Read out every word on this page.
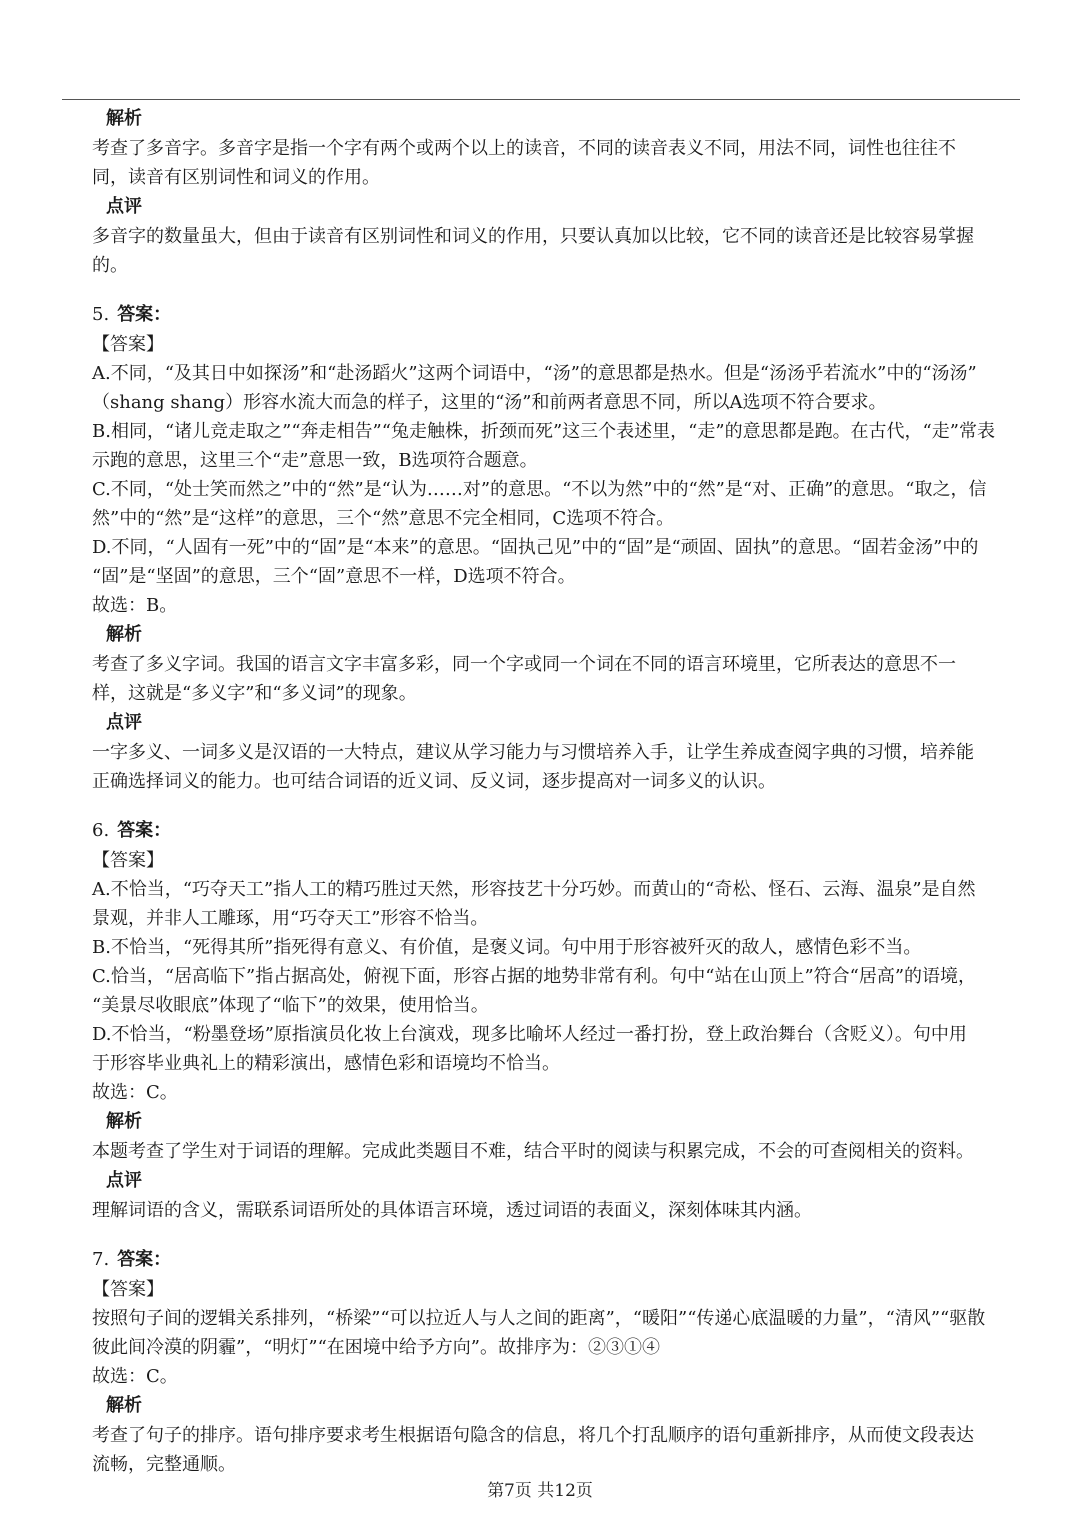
解析
考查了多音字。多音字是指一个字有两个或两个以上的读音，不同的读音表义不同，用法不同，词性也往往不
同，读音有区别词性和词义的作用。
点评
多音字的数量虽大，但由于读音有区别词性和词义的作用，只要认真加以比较，它不同的读音还是比较容易掌握
的。
5. 答案：
【答案】
A.不同，“及其日中如探汤”和“赴汤蹈火”这两个词语中，“汤”的意思都是热水。但是“汤汤乎若流水”中的“汤汤”
（shang shang）形容水流大而急的样子，这里的“汤”和前两者意思不同，所以A选项不符合要求。
B.相同，“诸儿竞走取之”“奔走相告”“兔走触株，折颈而死”这三个表述里，“走”的意思都是跑。在古代，“走”常表
示跑的意思，这里三个“走”意思一致，B选项符合题意。
C.不同，“处士笑而然之”中的“然”是“认为……对”的意思。“不以为然”中的“然”是“对、正确”的意思。“取之，信
然”中的“然”是“这样”的意思，三个“然”意思不完全相同，C选项不符合。
D.不同，“人固有一死”中的“固”是“本来”的意思。“固执己见”中的“固”是“顽固、固执”的意思。“固若金汤”中的
“固”是“坚固”的意思，三个“固”意思不一样，D选项不符合。
故选：B。
解析
考查了多义字词。我国的语言文字丰富多彩，同一个字或同一个词在不同的语言环境里，它所表达的意思不一
样，这就是“多义字”和“多义词”的现象。
点评
一字多义、一词多义是汉语的一大特点，建议从学习能力与习惯培养入手，让学生养成查阅字典的习惯，培养能
正确选择词义的能力。也可结合词语的近义词、反义词，逐步提高对一词多义的认识。
6. 答案：
【答案】
A.不恰当，“巧夺天工”指人工的精巧胜过天然，形容技艺十分巧妙。而黄山的“奇松、怪石、云海、温泉”是自然
景观，并非人工雕琢，用“巧夺天工”形容不恰当。
B.不恰当，“死得其所”指死得有意义、有价值，是褒义词。句中用于形容被歼灭的敌人，感情色彩不当。
C.恰当，“居高临下”指占据高处，俯视下面，形容占据的地势非常有利。句中“站在山顶上”符合“居高”的语境，
“美景尽收眼底”体现了“临下”的效果，使用恰当。
D.不恰当，“粉墨登场”原指演员化妆上台演戏，现多比喻坏人经过一番打扮，登上政治舞台（含贬义）。句中用
于形容毕业典礼上的精彩演出，感情色彩和语境均不恰当。
故选：C。
解析
本题考查了学生对于词语的理解。完成此类题目不难，结合平时的阅读与积累完成，不会的可查阅相关的资料。
点评
理解词语的含义，需联系词语所处的具体语言环境，透过词语的表面义，深刻体味其内涵。
7. 答案：
【答案】
按照句子间的逻辑关系排列，“桥梁”“可以拉近人与人之间的距离”，“暖阳”“传递心底温暖的力量”，“清风”“驱散
彼此间冷漠的阴霾”，“明灯”“在困境中给予方向”。故排序为：②③①④
故选：C。
解析
考查了句子的排序。语句排序要求考生根据语句隐含的信息，将几个打乱顺序的语句重新排序，从而使文段表达
流畅，完整通顺。
第7页 共12页
